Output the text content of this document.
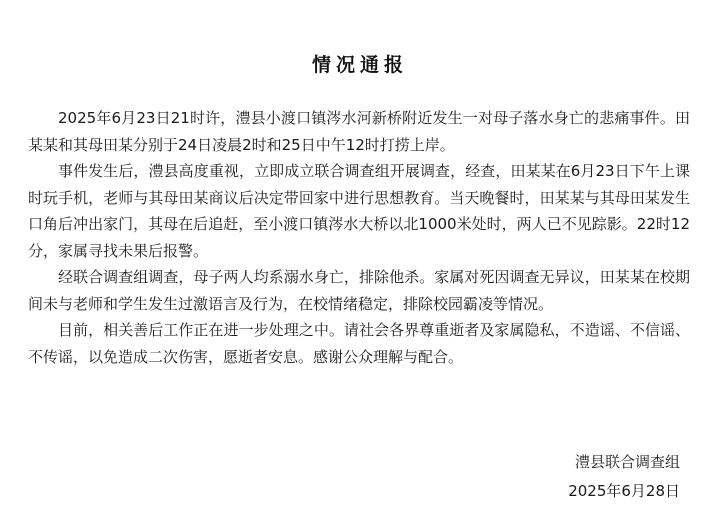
情况通报

2025年6月23日21时许，澧县小渡口镇涔水河新桥附近发生一对母子落水身亡的悲痛事件。田某某和其母田某分别于24日凌晨2时和25日中午12时打捞上岸。

事件发生后，澧县高度重视，立即成立联合调查组开展调查，经查，田某某在6月23日下午上课时玩手机，老师与其母田某商议后决定带回家中进行思想教育。当天晚餐时，田某某与其母田某发生口角后冲出家门，其母在后追赶，至小渡口镇涔水大桥以北1000米处时，两人已不见踪影。22时12分，家属寻找未果后报警。

经联合调查组调查，母子两人均系溺水身亡，排除他杀。家属对死因调查无异议，田某某在校期间未与老师和学生发生过激语言及行为，在校情绪稳定，排除校园霸凌等情况。

目前，相关善后工作正在进一步处理之中。请社会各界尊重逝者及家属隐私，不造谣、不信谣、不传谣，以免造成二次伤害，愿逝者安息。感谢公众理解与配合。

澧县联合调查组
2025年6月28日
